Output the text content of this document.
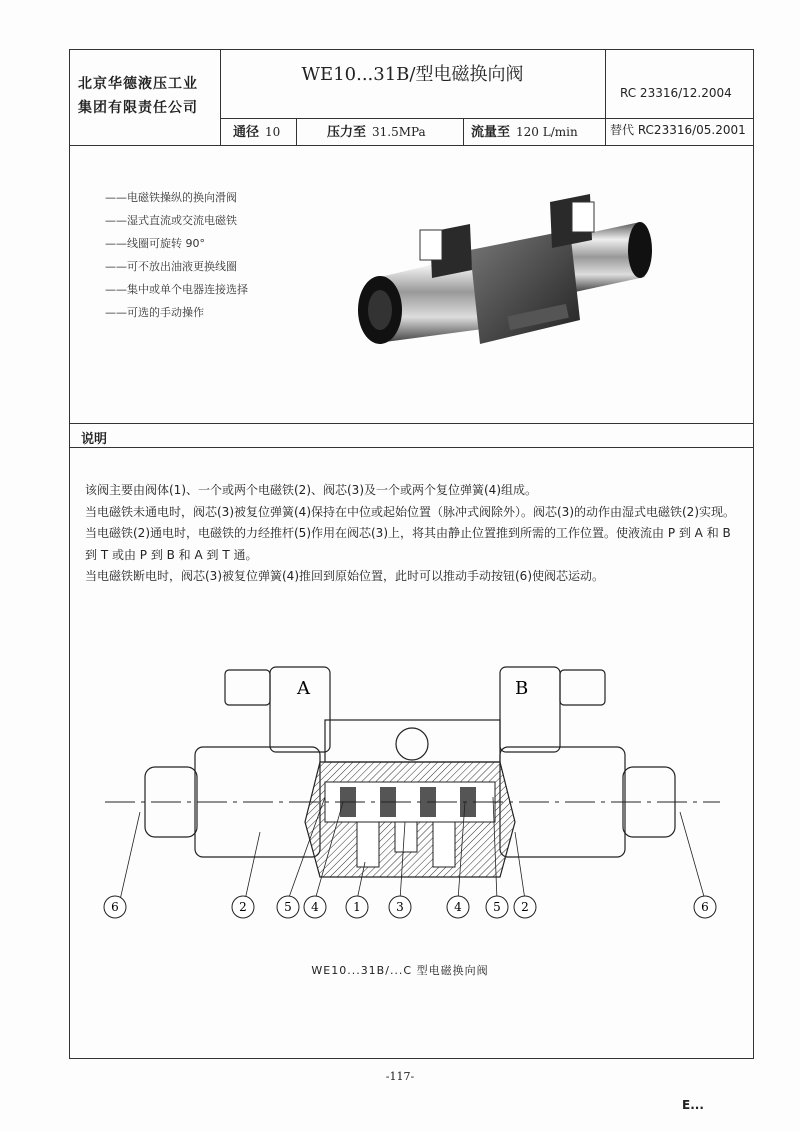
北京华德液压工业
集团有限责任公司
WE10...31B/型电磁换向阀
RC 23316/12.2004
通径 10	压力至 31.5MPa	流量至 120 L/min	替代 RC23316/05.2001
——电磁铁操纵的换向滑阀
——湿式直流或交流电磁铁
——线圈可旋转 90°
——可不放出油液更换线圈
——集中或单个电器连接选择
——可选的手动操作
说明

该阀主要由阀体(1)、一个或两个电磁铁(2)、阀芯(3)及一个或两个复位弹簧(4)组成。

当电磁铁未通电时，阀芯(3)被复位弹簧(4)保持在中位或起始位置（脉冲式阀除外）。阀芯(3)的动作由湿式电磁铁(2)实现。当电磁铁(2)通电时，电磁铁的力经推杆(5)作用在阀芯(3)上，将其由静止位置推到所需的工作位置。使液流由 P 到 A 和 B 到 T 或由 P 到 B 和 A 到 T 通。

当电磁铁断电时，阀芯(3)被复位弹簧(4)推回到原始位置，此时可以推动手动按钮(6)使阀芯运动。

A	B
6	2	5 4	1	3	4	5 2	6
WE10...31B/...C 型电磁换向阀
-117-
E...
